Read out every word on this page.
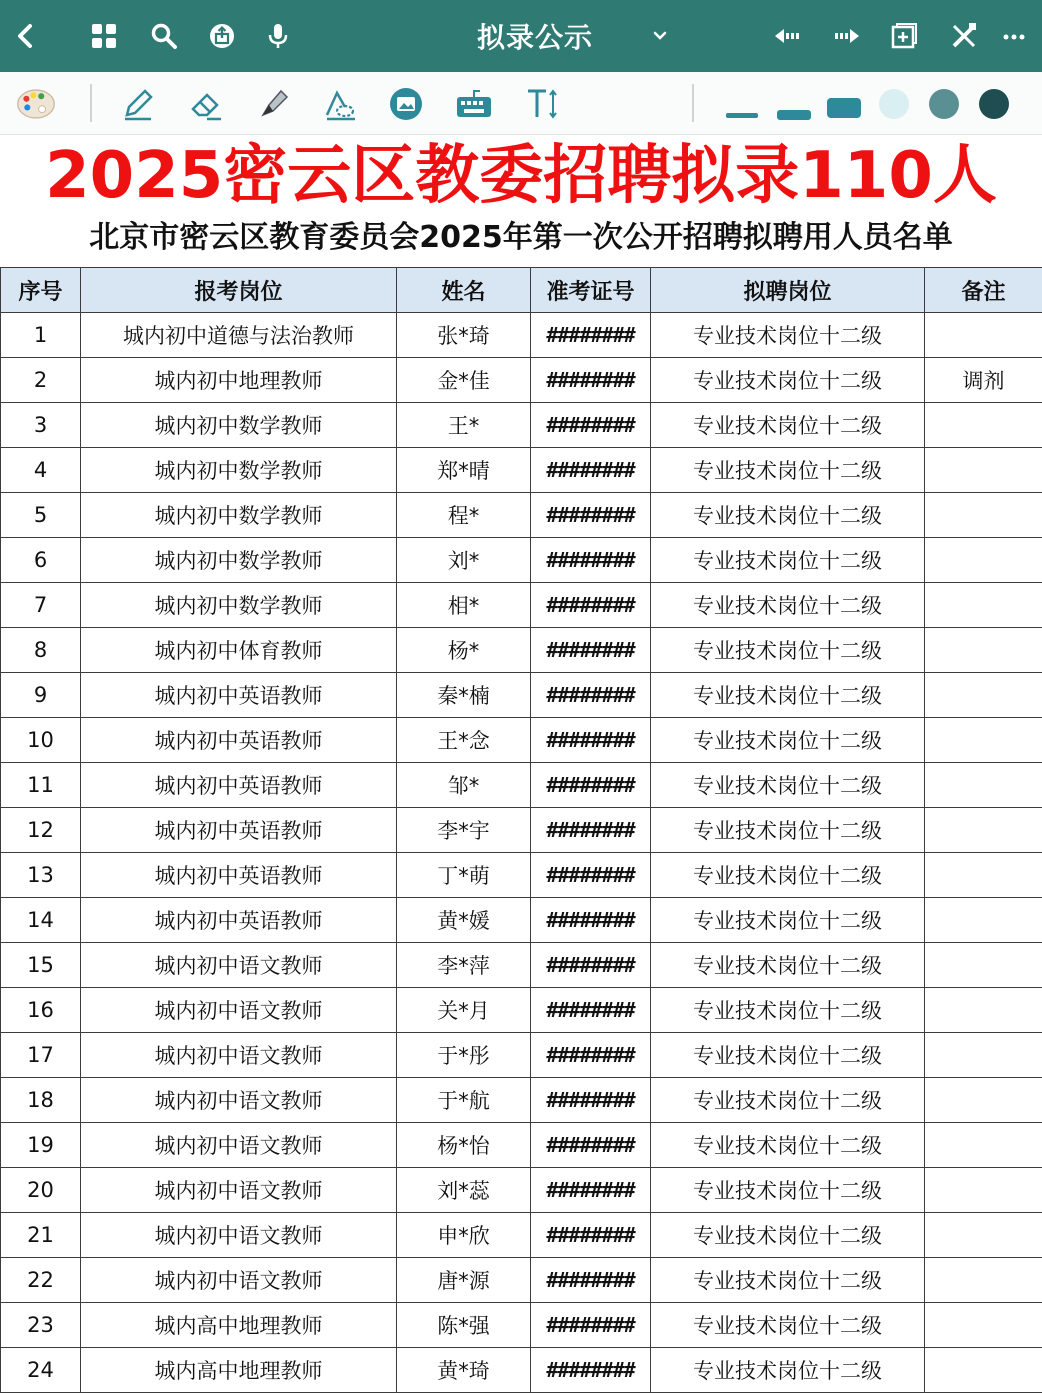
拟录公示
2025密云区教委招聘拟录110人
北京市密云区教育委员会2025年第一次公开招聘拟聘用人员名单
序号	报考岗位	姓名	准考证号	拟聘岗位	备注
1	城内初中道德与法治教师	张*琦	########	专业技术岗位十二级	
2	城内初中地理教师	金*佳	########	专业技术岗位十二级	调剂
3	城内初中数学教师	王*	########	专业技术岗位十二级	
4	城内初中数学教师	郑*晴	########	专业技术岗位十二级	
5	城内初中数学教师	程*	########	专业技术岗位十二级	
6	城内初中数学教师	刘*	########	专业技术岗位十二级	
7	城内初中数学教师	相*	########	专业技术岗位十二级	
8	城内初中体育教师	杨*	########	专业技术岗位十二级	
9	城内初中英语教师	秦*楠	########	专业技术岗位十二级	
10	城内初中英语教师	王*念	########	专业技术岗位十二级	
11	城内初中英语教师	邹*	########	专业技术岗位十二级	
12	城内初中英语教师	李*宇	########	专业技术岗位十二级	
13	城内初中英语教师	丁*萌	########	专业技术岗位十二级	
14	城内初中英语教师	黄*媛	########	专业技术岗位十二级	
15	城内初中语文教师	李*萍	########	专业技术岗位十二级	
16	城内初中语文教师	关*月	########	专业技术岗位十二级	
17	城内初中语文教师	于*彤	########	专业技术岗位十二级	
18	城内初中语文教师	于*航	########	专业技术岗位十二级	
19	城内初中语文教师	杨*怡	########	专业技术岗位十二级	
20	城内初中语文教师	刘*蕊	########	专业技术岗位十二级	
21	城内初中语文教师	申*欣	########	专业技术岗位十二级	
22	城内初中语文教师	唐*源	########	专业技术岗位十二级	
23	城内高中地理教师	陈*强	########	专业技术岗位十二级	
24	城内高中地理教师	黄*琦	########	专业技术岗位十二级	
